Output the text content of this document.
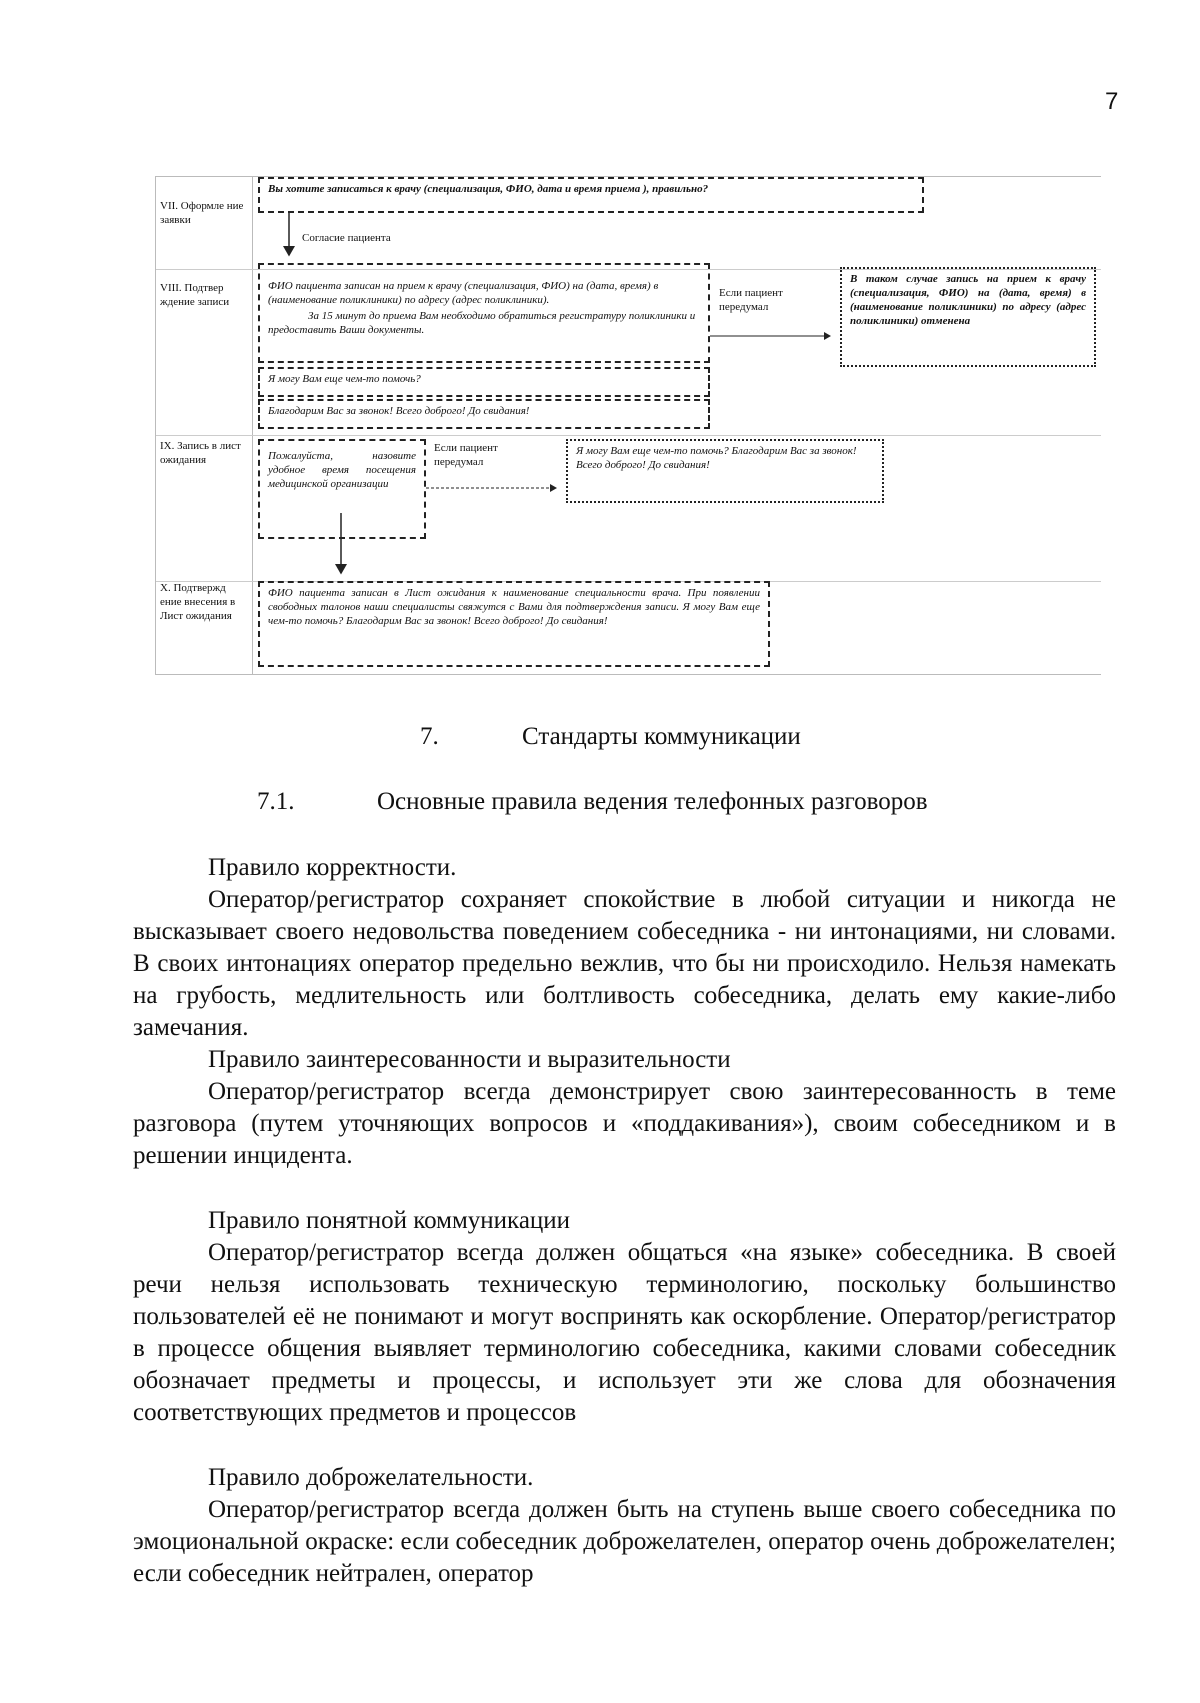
7
VII. Оформле ние заявки
VIII. Подтвер ждение записи
IX. Запись в лист ожидания
X. Подтвержд ение внесения в Лист ожидания
Вы хотите записаться к врачу (специализация, ФИО, дата и время приема ), правильно?
Согласие пациента
ФИО пациента записан на прием к врачу (специализация, ФИО) на (дата, время) в (наименование поликлиники) по адресу (адрес поликлиники).
За 15 минут до приема Вам необходимо обратиться регистратуру поликлиники и предоставить Ваши документы.
Если пациент передумал
В таком случае запись на прием к врачу (специализация, ФИО) на (дата, время) в (наименование поликлиники) по адресу (адрес поликлиники) отменена
Я могу Вам еще чем-то помочь?
Благодарим Вас за звонок! Всего доброго! До свидания!
Пожалуйста, назовите удобное время посещения медицинской организации
Если пациент передумал
Я могу Вам еще чем-то помочь? Благодарим Вас за звонок! Всего доброго! До свидания!
ФИО пациента записан в Лист ожидания к наименование специальности врача. При появлении свободных талонов наши специалисты свяжутся с Вами для подтверждения записи. Я могу Вам еще чем-то помочь? Благодарим Вас за звонок! Всего доброго! До свидания!
7.	Стандарты коммуникации
7.1.	Основные правила ведения телефонных разговоров

Правило корректности.

Оператор/регистратор сохраняет спокойствие в любой ситуации и никогда не высказывает своего недовольства поведением собеседника - ни интонациями, ни словами. В своих интонациях оператор предельно вежлив, что бы ни происходило. Нельзя намекать на грубость, медлительность или болтливость собеседника, делать ему какие-либо замечания.

Правило заинтересованности и выразительности

Оператор/регистратор всегда демонстрирует свою заинтересованность в теме разговора (путем уточняющих вопросов и «поддакивания»), своим собеседником и в решении инцидента.

Правило понятной коммуникации

Оператор/регистратор всегда должен общаться «на языке» собеседника. В своей речи нельзя использовать техническую терминологию, поскольку большинство пользователей её не понимают и могут воспринять как оскорбление. Оператор/регистратор в процессе общения выявляет терминологию собеседника, какими словами собеседник обозначает предметы и процессы, и использует эти же слова для обозначения соответствующих предметов и процессов

Правило доброжелательности.

Оператор/регистратор всегда должен быть на ступень выше своего собеседника по эмоциональной окраске: если собеседник доброжелателен, оператор очень доброжелателен; если собеседник нейтрален, оператор
